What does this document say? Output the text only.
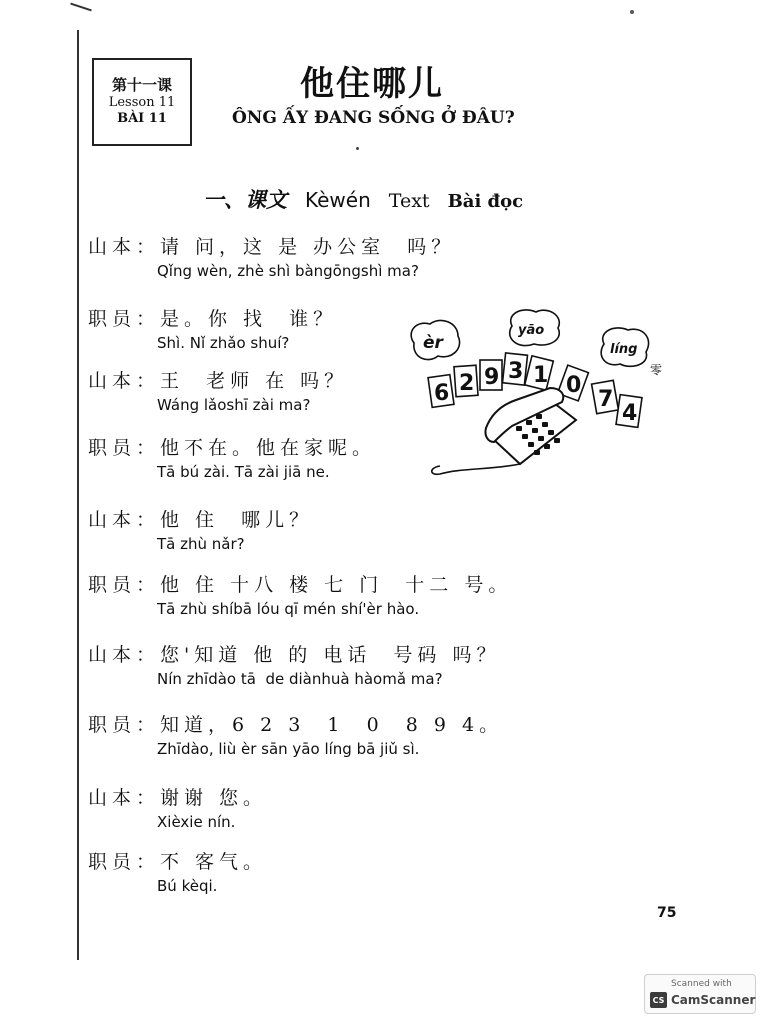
第十一课
Lesson 11
BÀI 11
他住哪儿
ÔNG ẤY ĐANG SỐNG Ở ĐÂU?
一、课文 Kèwén Text Bài đọc
山本：请 问，这 是 办公室  吗？
Qǐng wèn, zhè shì bàngōngshì ma?
职员：是。你 找  谁？
Shì. Nǐ zhǎo shuí?
山本：王  老师 在 吗？
Wáng lǎoshī zài ma?
职员：他不在。他在家呢。
Tā bú zài. Tā zài jiā ne.
山本：他 住  哪儿？
Tā zhù nǎr?
职员：他 住 十八 楼 七 门  十二 号。
Tā zhù shíbā lóu qī mén shí'èr hào.
山本：您'知道 他 的 电话  号码 吗？
Nín zhīdào tā  de diànhuà hàomǎ ma?
职员：知道，6 2 3  1  0  8 9 4。
Zhīdào, liù èr sān yāo líng bā jiǔ sì.
山本：谢谢 您。
Xièxie nín.
职员：不 客气。
Bú kèqi.
èr
yāo
líng
零
6 2 9 3 1 0
7
4
75
CS
Scanned with
CamScanner
